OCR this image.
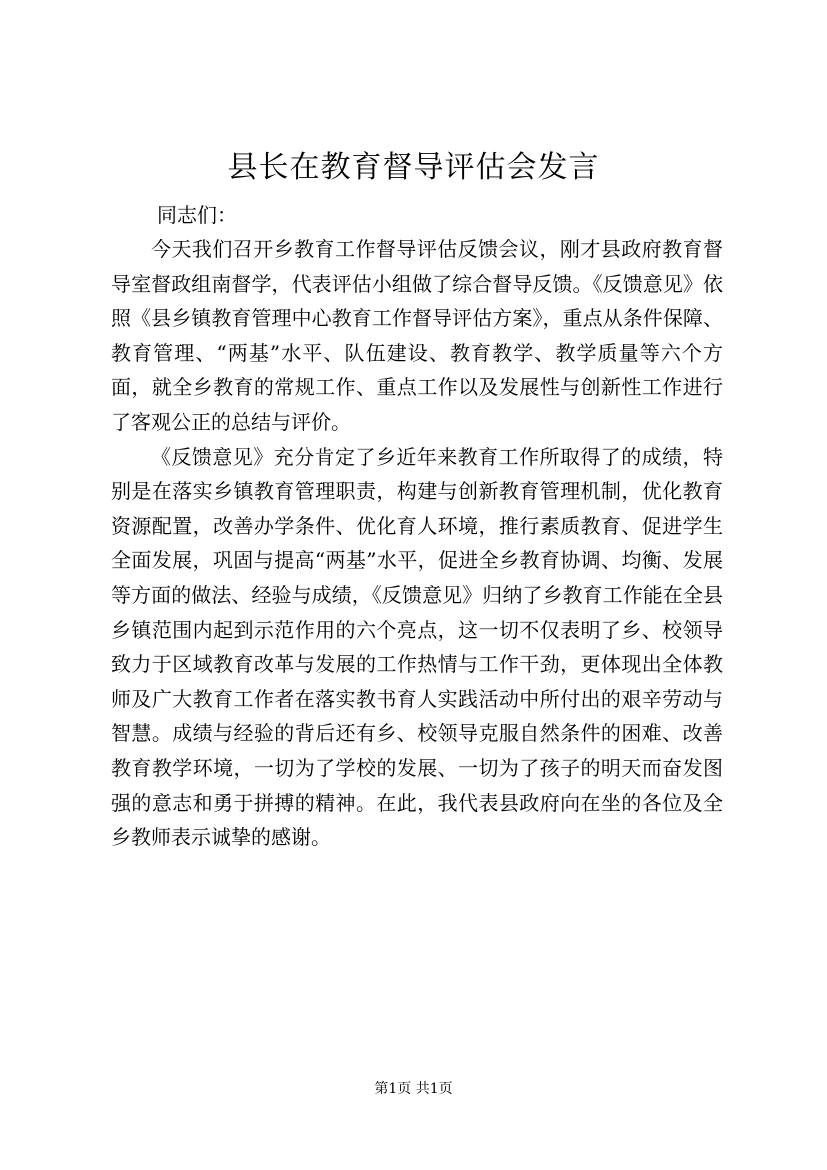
县长在教育督导评估会发言

同志们：

今天我们召开乡教育工作督导评估反馈会议，刚才县政府教育督导室督政组南督学，代表评估小组做了综合督导反馈。《反馈意见》依照《县乡镇教育管理中心教育工作督导评估方案》，重点从条件保障、教育管理、“两基”水平、队伍建设、教育教学、教学质量等六个方面，就全乡教育的常规工作、重点工作以及发展性与创新性工作进行了客观公正的总结与评价。

《反馈意见》充分肯定了乡近年来教育工作所取得了的成绩，特别是在落实乡镇教育管理职责，构建与创新教育管理机制，优化教育资源配置，改善办学条件、优化育人环境，推行素质教育、促进学生全面发展，巩固与提高“两基”水平，促进全乡教育协调、均衡、发展等方面的做法、经验与成绩，《反馈意见》归纳了乡教育工作能在全县乡镇范围内起到示范作用的六个亮点，这一切不仅表明了乡、校领导致力于区域教育改革与发展的工作热情与工作干劲，更体现出全体教师及广大教育工作者在落实教书育人实践活动中所付出的艰辛劳动与智慧。成绩与经验的背后还有乡、校领导克服自然条件的困难、改善教育教学环境，一切为了学校的发展、一切为了孩子的明天而奋发图强的意志和勇于拼搏的精神。在此，我代表县政府向在坐的各位及全乡教师表示诚挚的感谢。

第1页 共1页
